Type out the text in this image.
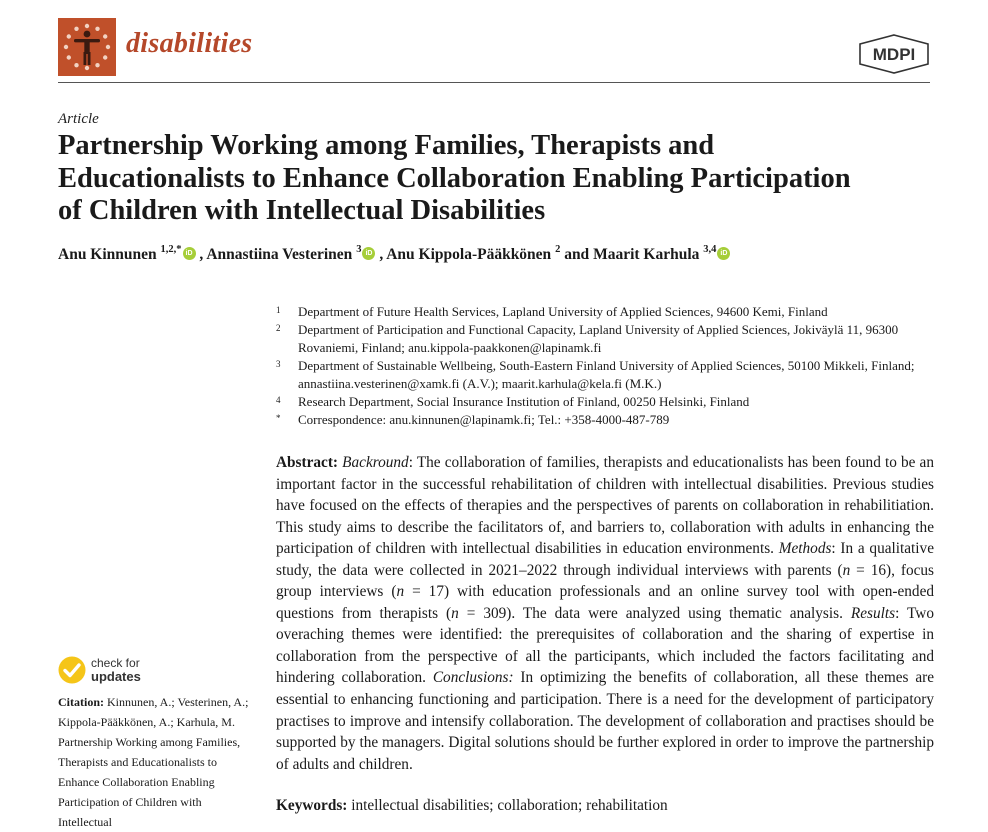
disabilities	MDPI
Article
Partnership Working among Families, Therapists and Educationalists to Enhance Collaboration Enabling Participation of Children with Intellectual Disabilities
Anu Kinnunen $^{1,2,*}$ iD , Annastiina Vesterinen $^3$ iD , Anu Kippola-Pääkkönen $^2$ and Maarit Karhula $^{3,4}$ iD
1	Department of Future Health Services, Lapland University of Applied Sciences, 94600 Kemi, Finland
2	Department of Participation and Functional Capacity, Lapland University of Applied Sciences, Jokiväylä 11, 96300 Rovaniemi, Finland; anu.kippola-paakkonen@lapinamk.fi
3	Department of Sustainable Wellbeing, South-Eastern Finland University of Applied Sciences, 50100 Mikkeli, Finland; annastiina.vesterinen@xamk.fi (A.V.); maarit.karhula@kela.fi (M.K.)
4	Research Department, Social Insurance Institution of Finland, 00250 Helsinki, Finland
*	Correspondence: anu.kinnunen@lapinamk.fi; Tel.: +358-4000-487-789

Abstract: Backround: The collaboration of families, therapists and educationalists has been found to be an important factor in the successful rehabilitation of children with intellectual disabilities. Previous studies have focused on the effects of therapies and the perspectives of parents on collaboration in rehabilitiation. This study aims to describe the facilitators of, and barriers to, collaboration with adults in enhancing the participation of children with intellectual disabilities in education environments. Methods: In a qualitative study, the data were collected in 2021–2022 through individual interviews with parents (n = 16), focus group interviews (n = 17) with education professionals and an online survey tool with open-ended questions from therapists (n = 309). The data were analyzed using thematic analysis. Results: Two overaching themes were identified: the prerequisites of collaboration and the sharing of expertise in collaboration from the perspective of all the participants, which included the factors facilitating and hindering collaboration. Conclusions: In optimizing the benefits of collaboration, all these themes are essential to enhancing functioning and participation. There is a need for the development of participatory practises to improve and intensify collaboration. The development of collaboration and practises should be supported by the managers. Digital solutions should be further explored in order to improve the partnership of adults and children.

Keywords: intellectual disabilities; collaboration; rehabilitation
check for
updates
Citation: Kinnunen, A.; Vesterinen, A.; Kippola-Pääkkönen, A.; Karhula, M. Partnership Working among Families, Therapists and Educationalists to Enhance Collaboration Enabling Participation of Children with Intellectual
